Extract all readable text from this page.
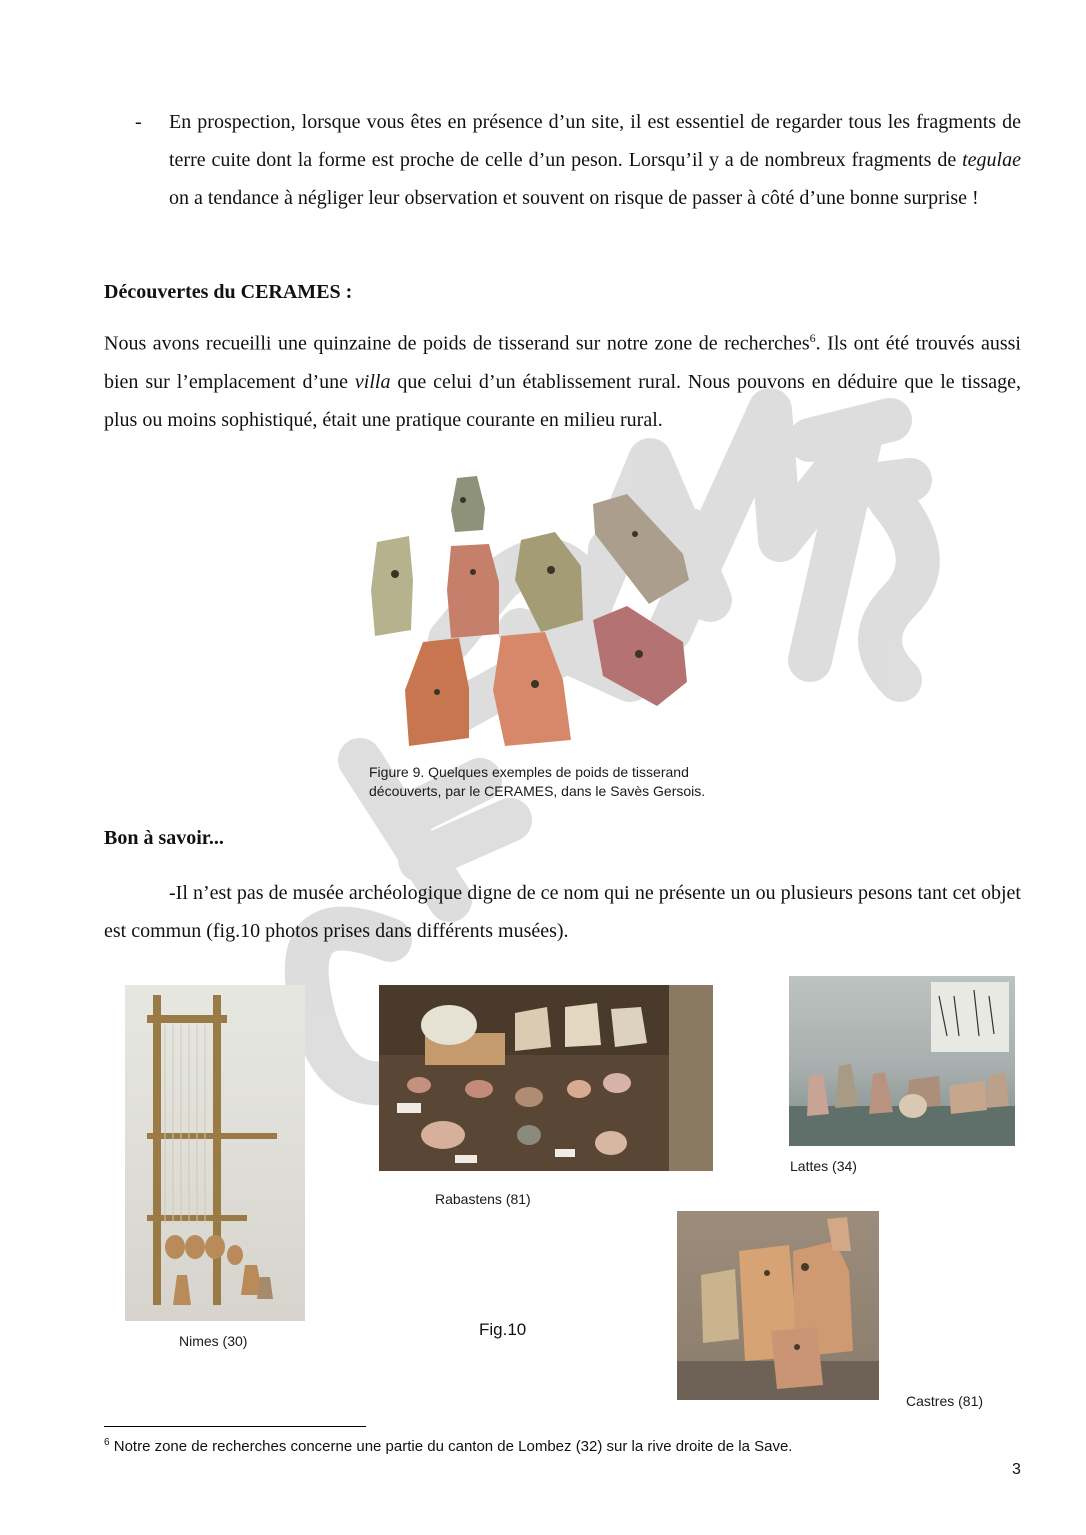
- En prospection, lorsque vous êtes en présence d’un site, il est essentiel de regarder tous les fragments de terre cuite dont la forme est proche de celle d’un peson. Lorsqu’il y a de nombreux fragments de tegulae on a tendance à négliger leur observation et souvent on risque de passer à côté d’une bonne surprise !
Découvertes du CERAMES :
Nous avons recueilli une quinzaine de poids de tisserand sur notre zone de recherches$^6$. Ils ont été trouvés aussi bien sur l’emplacement d’une villa que celui d’un établissement rural. Nous pouvons en déduire que le tissage, plus ou moins sophistiqué, était une pratique courante en milieu rural.
Figure 9. Quelques exemples de poids de tisserand
découverts, par le CERAMES, dans le Savès Gersois.
Bon à savoir...
-Il n’est pas de musée archéologique digne de ce nom qui ne présente un ou plusieurs pesons tant cet objet est commun (fig.10 photos prises dans différents musées).
Nimes (30)
Rabastens (81)
Lattes (34)
Fig.10
Castres (81)
$^6$ Notre zone de recherches concerne une partie du canton de Lombez (32) sur la rive droite de la Save.
3
